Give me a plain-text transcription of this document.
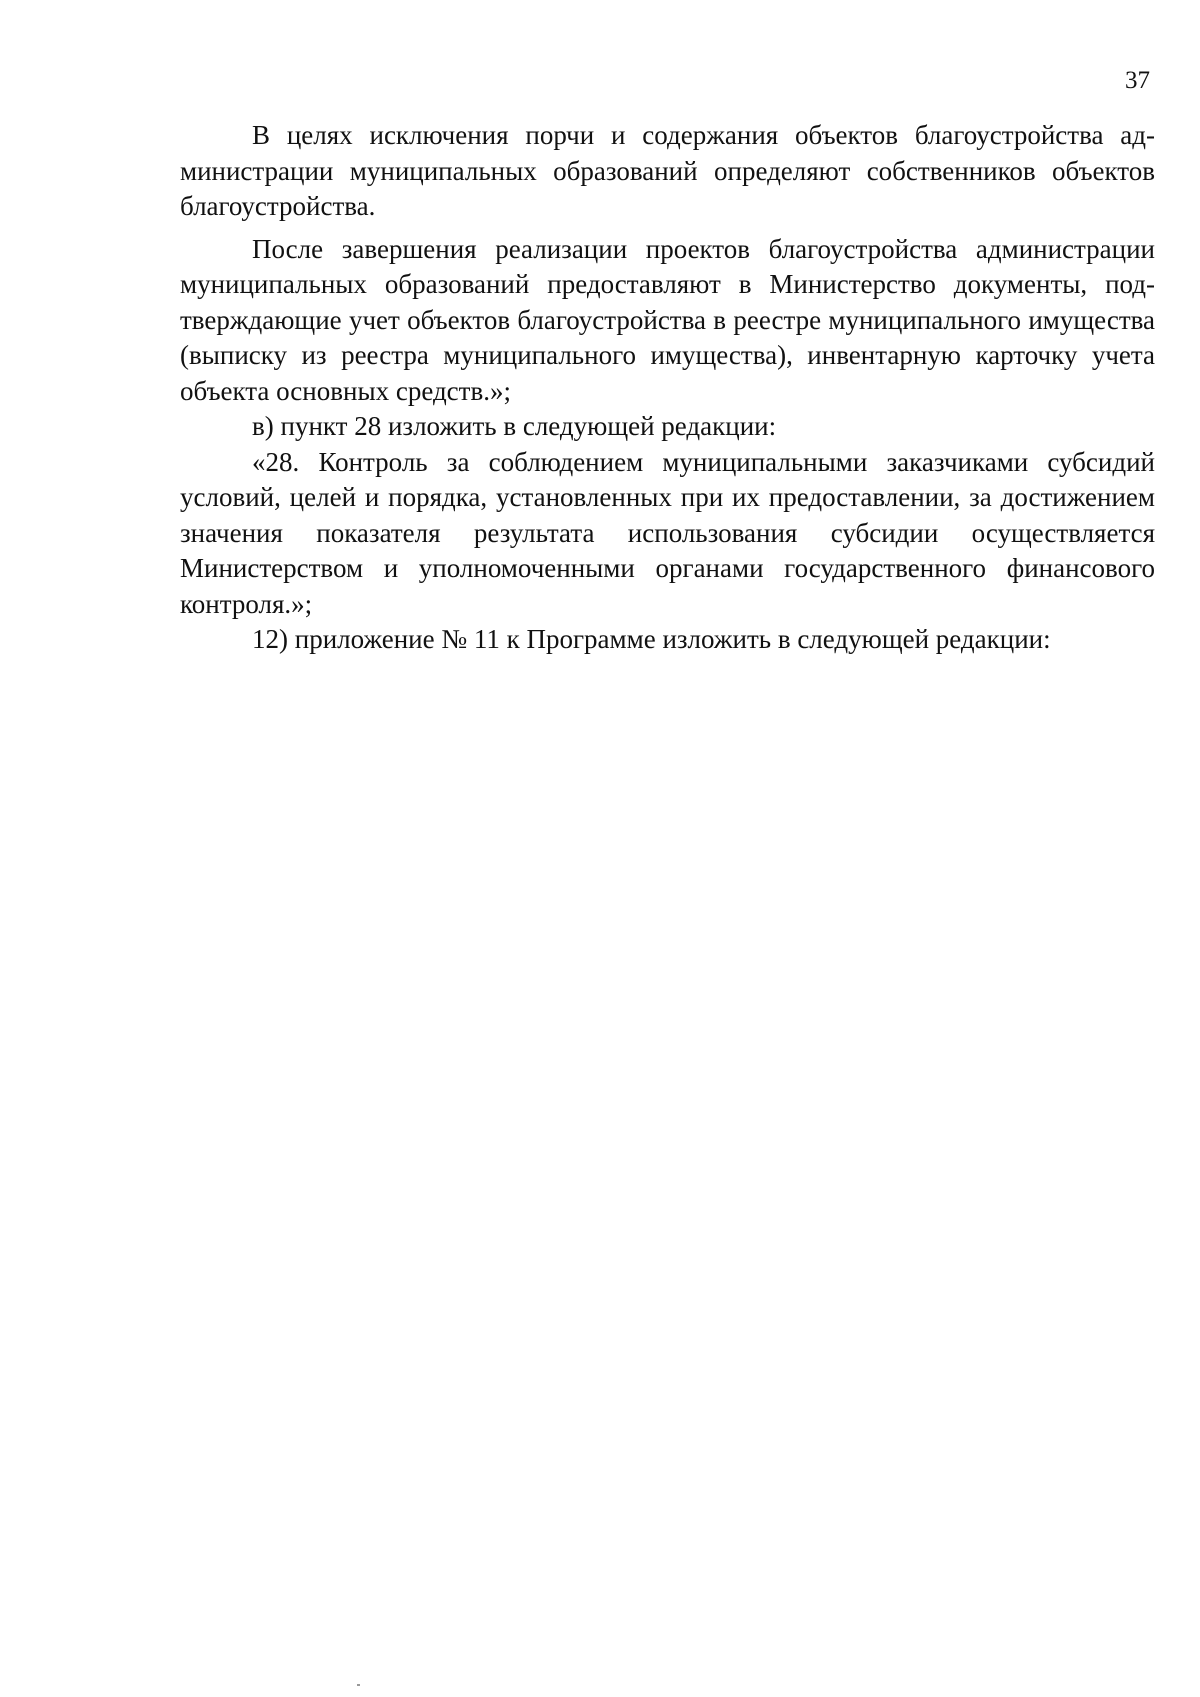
37

В целях исключения порчи и содержания объектов благоустройства администрации муниципальных образований определяют собственников объектов благоустройства.

После завершения реализации проектов благоустройства администрации муниципальных образований предоставляют в Министерство документы, подтверждающие учет объектов благоустройства в реестре муниципального имущества (выписку из реестра муниципального имущества), инвентарную карточку учета объекта основных средств.»;

в) пункт 28 изложить в следующей редакции:

«28. Контроль за соблюдением муниципальными заказчиками субсидий условий, целей и порядка, установленных при их предоставлении, за достижением значения показателя результата использования субсидии осуществляется Министерством и уполномоченными органами государственного финансового контроля.»;

12) приложение № 11 к Программе изложить в следующей редакции:
